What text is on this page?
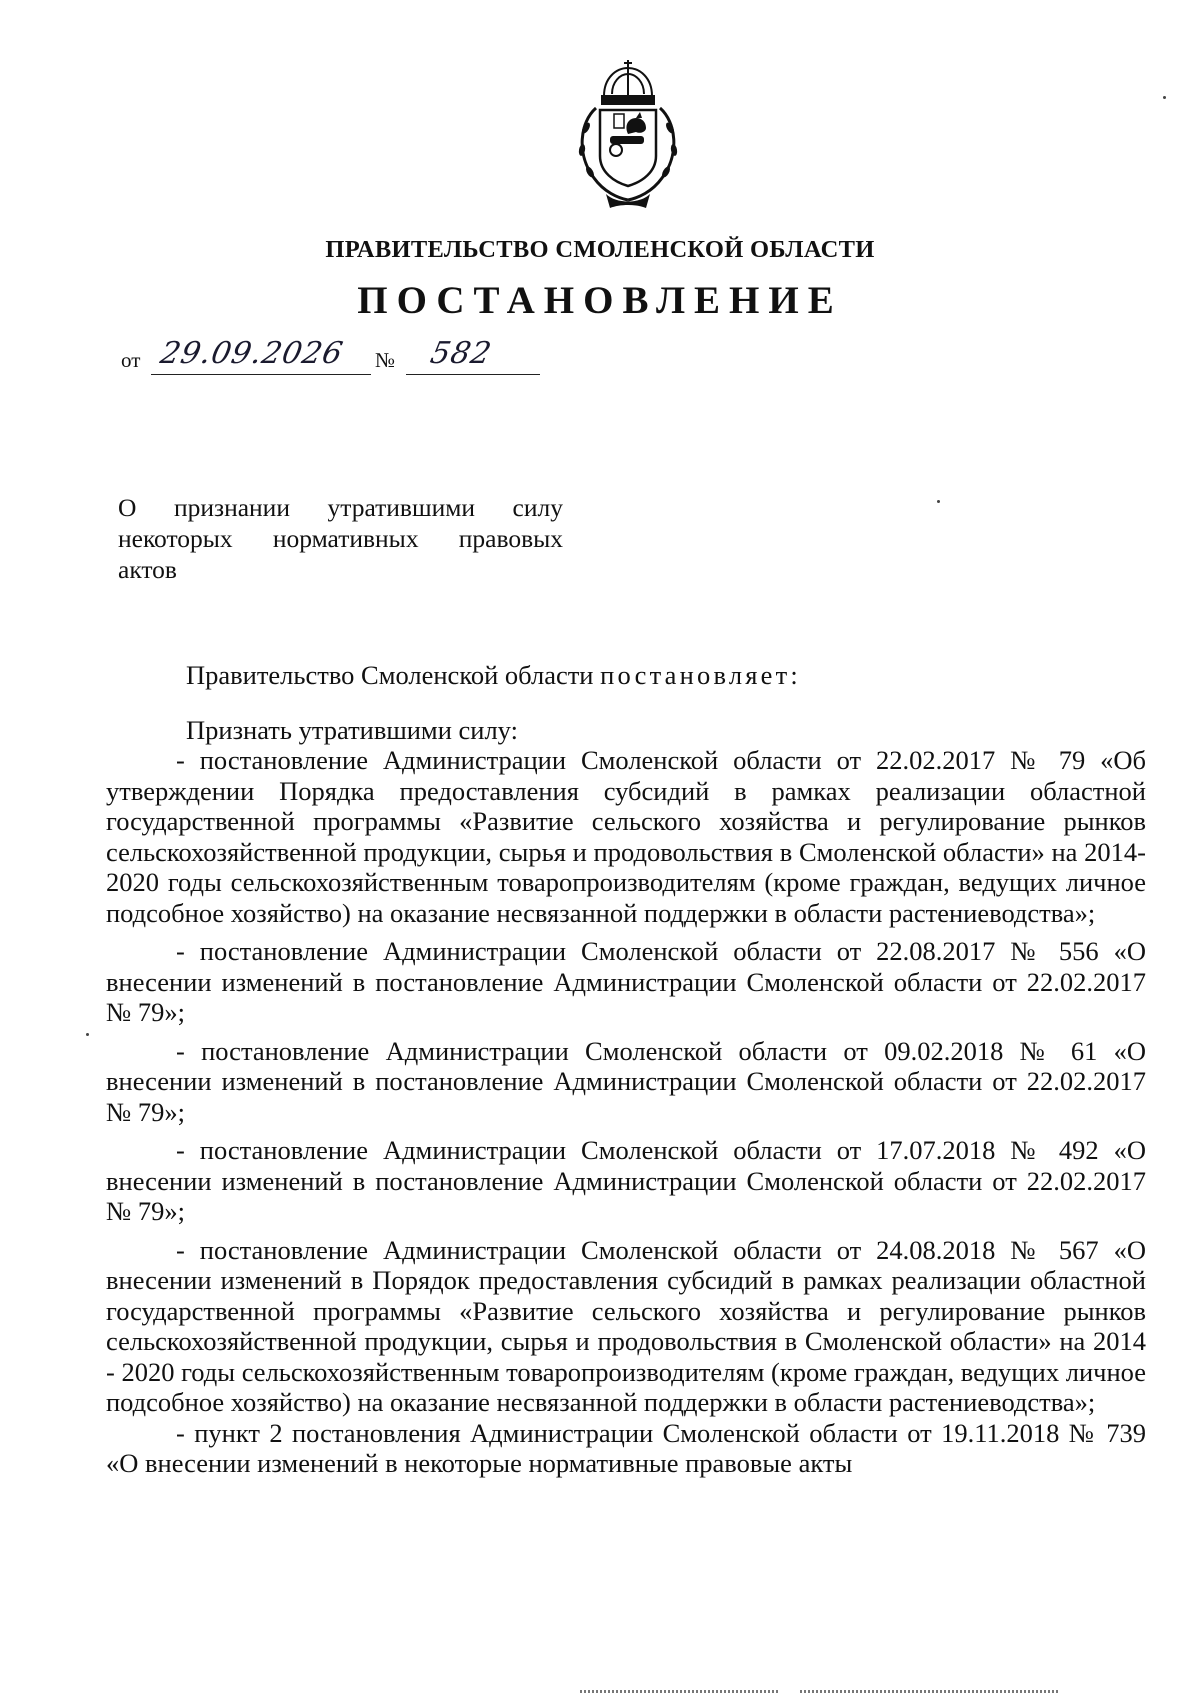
ПРАВИТЕЛЬСТВО СМОЛЕНСКОЙ ОБЛАСТИ
ПОСТАНОВЛЕНИЕ
от 29.09.2026 № 582
О признании утратившими силу некоторых нормативных правовых актов

Правительство Смоленской области постановляет:

Признать утратившими силу:

- постановление Администрации Смоленской области от 22.02.2017 № 79 «Об утверждении Порядка предоставления субсидий в рамках реализации областной государственной программы «Развитие сельского хозяйства и регулирование рынков сельскохозяйственной продукции, сырья и продовольствия в Смоленской области» на 2014-2020 годы сельскохозяйственным товаропроизводителям (кроме граждан, ведущих личное подсобное хозяйство) на оказание несвязанной поддержки в области растениеводства»;

- постановление Администрации Смоленской области от 22.08.2017 № 556 «О внесении изменений в постановление Администрации Смоленской области от 22.02.2017 № 79»;

- постановление Администрации Смоленской области от 09.02.2018 № 61 «О внесении изменений в постановление Администрации Смоленской области от 22.02.2017 № 79»;

- постановление Администрации Смоленской области от 17.07.2018 № 492 «О внесении изменений в постановление Администрации Смоленской области от 22.02.2017 № 79»;

- постановление Администрации Смоленской области от 24.08.2018 № 567 «О внесении изменений в Порядок предоставления субсидий в рамках реализации областной государственной программы «Развитие сельского хозяйства и регулирование рынков сельскохозяйственной продукции, сырья и продовольствия в Смоленской области» на 2014 - 2020 годы сельскохозяйственным товаропроизводителям (кроме граждан, ведущих личное подсобное хозяйство) на оказание несвязанной поддержки в области растениеводства»;

- пункт 2 постановления Администрации Смоленской области от 19.11.2018 № 739 «О внесении изменений в некоторые нормативные правовые акты
